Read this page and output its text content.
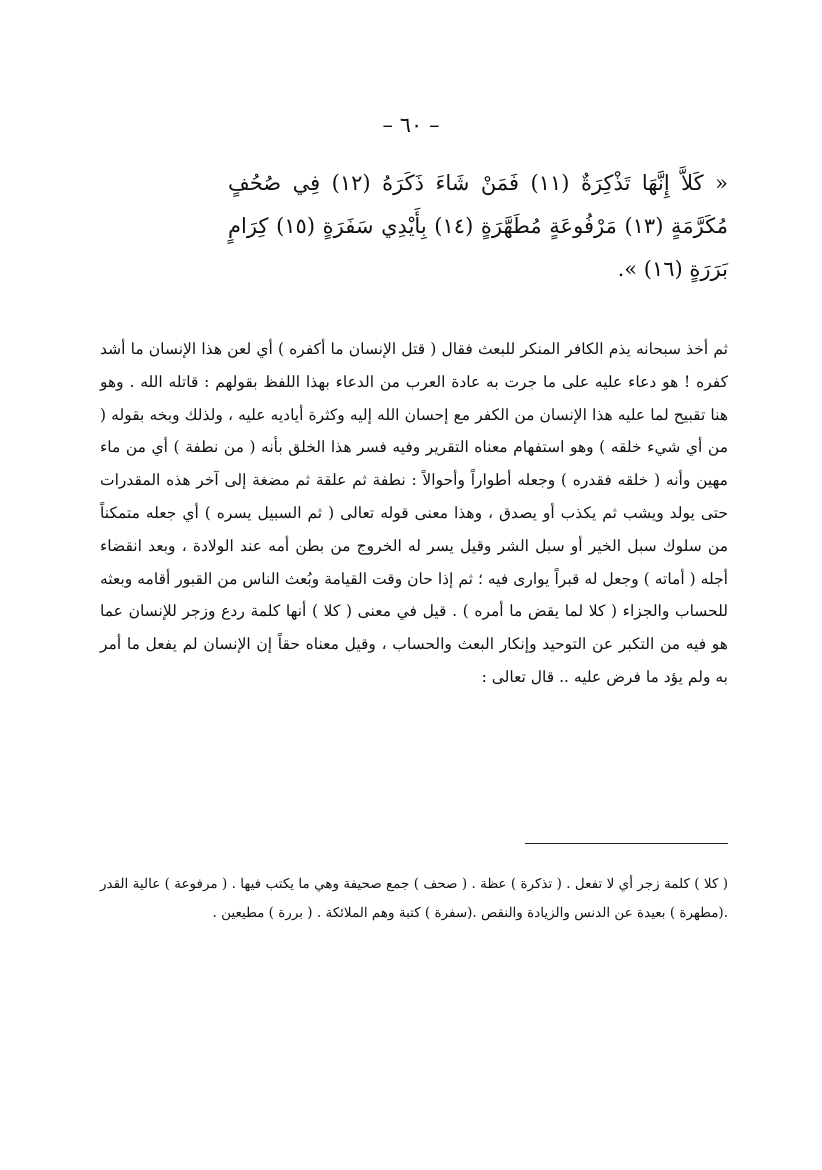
– ٦٠ –
« كَلاَّ إِنَّهَا تَذْكِرَةٌ (١١) فَمَنْ شَاءَ ذَكَرَهُ (١٢) فِي صُحُفٍ مُكَرَّمَةٍ (١٣) مَرْفُوعَةٍ مُطَهَّرَةٍ (١٤) بِأَيْدِي سَفَرَةٍ (١٥) كِرَامٍ بَرَرَةٍ (١٦) ».
ثم أخذ سبحانه يذم الكافر المنكر للبعث فقال ( قتل الإنسان ما أكفره ) أي لعن هذا الإنسان ما أشد كفره ! هو دعاء عليه على ما جرت به عادة العرب من الدعاء بهذا اللفظ بقولهم : قاتله الله . وهو هنا تقبيح لما عليه هذا الإنسان من الكفر مع إحسان الله إليه وكثرة أياديه عليه ، ولذلك وبخه بقوله ( من أي شيء خلقه ) وهو استفهام معناه التقرير وفيه فسر هذا الخلق بأنه ( من نطفة ) أي من ماء مهين وأنه ( خلقه فقدره ) وجعله أطواراً وأحوالاً : نطفة ثم علقة ثم مضغة إلى آخر هذه المقدرات حتى يولد ويشب ثم يكذب أو يصدق ، وهذا معنى قوله تعالى ( ثم السبيل يسره ) أي جعله متمكناً من سلوك سبل الخير أو سبل الشر وقيل يسر له الخروج من بطن أمه عند الولادة ، وبعد انقضاء أجله ( أماته ) وجعل له قبراً يوارى فيه ؛ ثم إذا حان وقت القيامة وبُعث الناس من القبور أقامه وبعثه للحساب والجزاء ( كلا لما يقض ما أمره ) . قيل في معنى ( كلا ) أنها كلمة ردع وزجر للإنسان عما هو فيه من التكبر عن التوحيد وإنكار البعث والحساب ، وقيل معناه حقاً إن الإنسان لم يفعل ما أمر به ولم يؤد ما فرض عليه .. قال تعالى :
( كلا ) كلمة زجر أي لا تفعل . ( تذكرة ) عظة . ( صحف ) جمع صحيفة وهي ما يكتب فيها . ( مرفوعة ) عالية القدر .(مطهرة ) بعيدة عن الدنس والزيادة والنقص .(سفرة ) كتبة وهم الملائكة . ( بررة ) مطيعين .
